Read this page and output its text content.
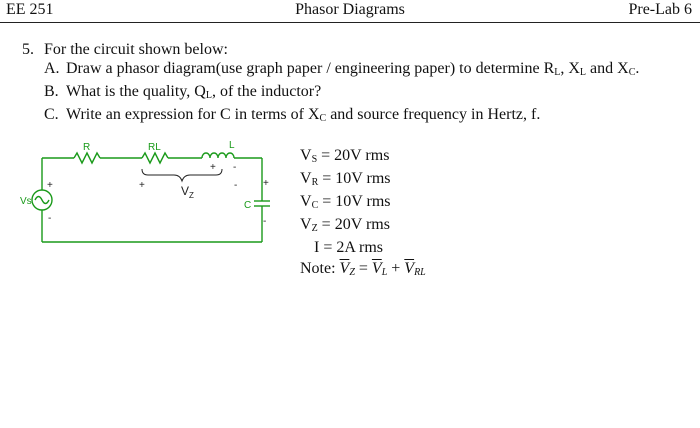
EE 251	Phasor Diagrams	Pre-Lab 6
5. For the circuit shown below:
A. Draw a phasor diagram(use graph paper / engineering paper) to determine $R_L$, $X_L$ and $X_C$.
B. What is the quality, $Q_L$, of the inductor?
C. Write an expression for C in terms of $X_C$ and source frequency in Hertz, f.
R	RL	L
Vs	C
+
-
+	-
+ -
+
-
$V_Z$
$V_S = 20V$ rms
$V_R = 10V$ rms
$V_C = 10V$ rms
$V_Z = 20V$ rms
I = 2A rms
Note: $\overline{V}_Z = \overline{V}_L + \overline{V}_{RL}$
